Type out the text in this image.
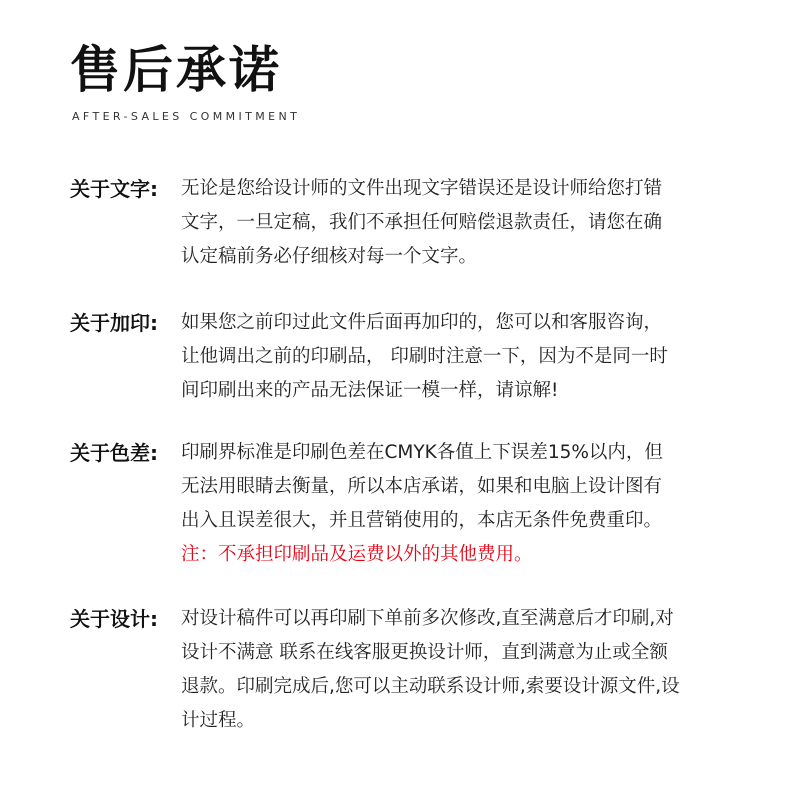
售后承诺

AFTER-SALES COMMITMENT

关于文字:	无论是您给设计师的文件出现文字错误还是设计师给您打错
文字，一旦定稿，我们不承担任何赔偿退款责任，请您在确
认定稿前务必仔细核对每一个文字。
关于加印:	如果您之前印过此文件后面再加印的，您可以和客服咨询，
让他调出之前的印刷品， 印刷时注意一下，因为不是同一时
间印刷出来的产品无法保证一模一样，请谅解!
关于色差:	印刷界标准是印刷色差在CMYK各值上下误差15%以内，但
无法用眼睛去衡量，所以本店承诺，如果和电脑上设计图有
出入且误差很大，并且营销使用的，本店无条件免费重印。
注：不承担印刷品及运费以外的其他费用。
关于设计:	对设计稿件可以再印刷下单前多次修改,直至满意后才印刷,对
设计不满意 联系在线客服更换设计师，直到满意为止或全额
退款。印刷完成后,您可以主动联系设计师,索要设计源文件,设
计过程。
